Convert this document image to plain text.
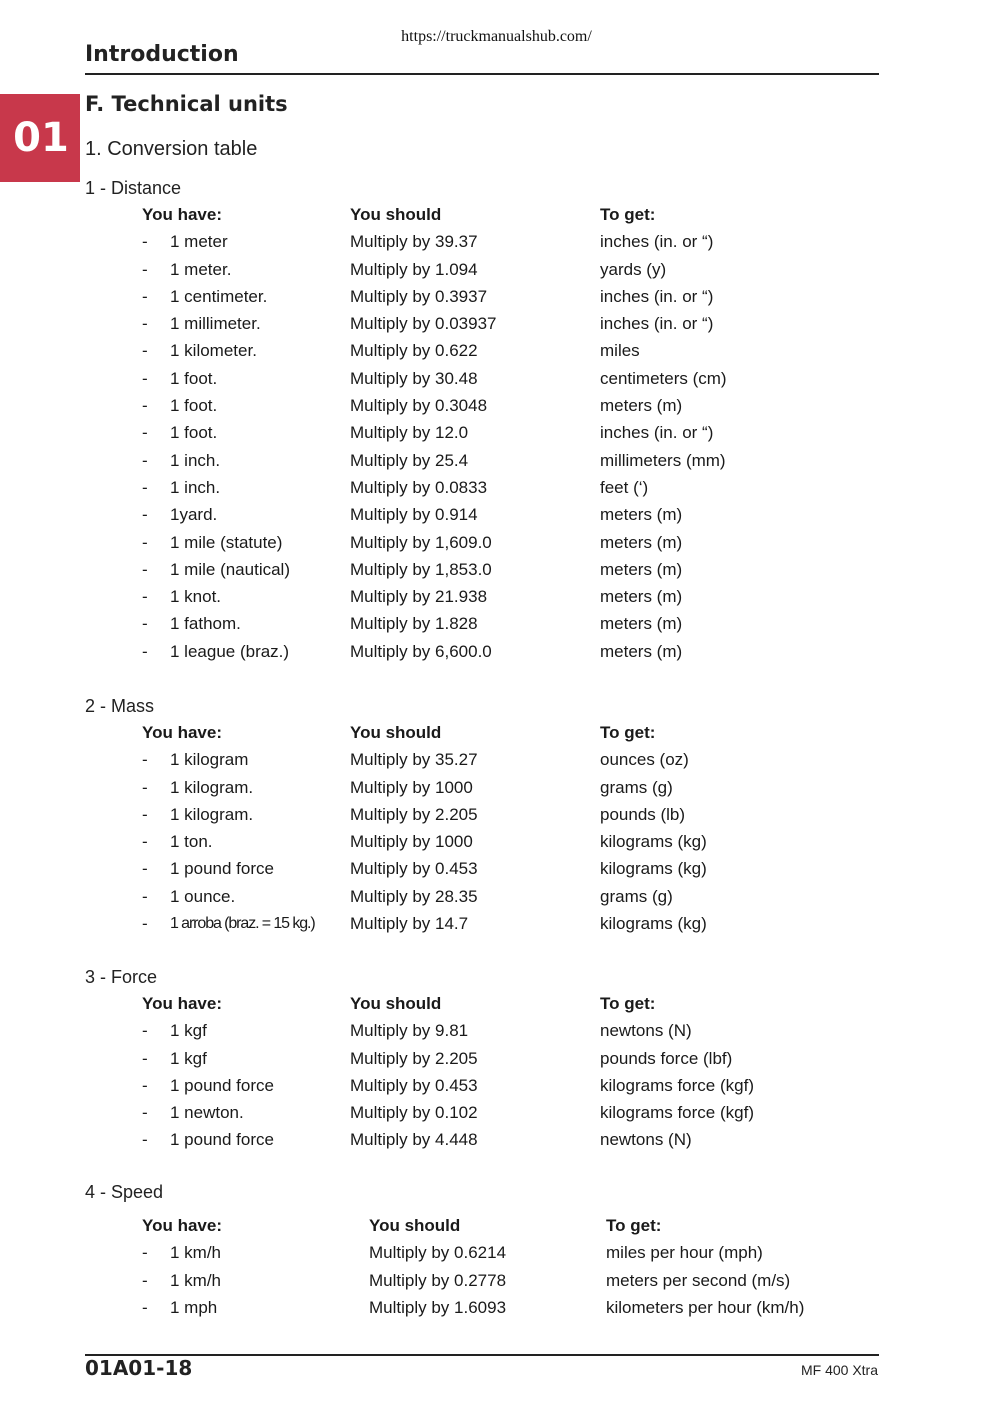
https://truckmanualshub.com/
Introduction
01
F. Technical units
1. Conversion table
1 - Distance
You have:	You should	To get:
-	1 meter	Multiply by 39.37	inches (in. or “)
-	1 meter.	Multiply by 1.094	yards (y)
-	1 centimeter.	Multiply by 0.3937	inches (in. or “)
-	1 millimeter.	Multiply by 0.03937	inches (in. or “)
-	1 kilometer.	Multiply by 0.622	miles
-	1 foot.	Multiply by 30.48	centimeters (cm)
-	1 foot.	Multiply by 0.3048	meters (m)
-	1 foot.	Multiply by 12.0	inches (in. or “)
-	1 inch.	Multiply by 25.4	millimeters (mm)
-	1 inch.	Multiply by 0.0833	feet (‘)
-	1yard.	Multiply by 0.914	meters (m)
-	1 mile (statute)	Multiply by 1,609.0	meters (m)
-	1 mile (nautical)	Multiply by 1,853.0	meters (m)
-	1 knot.	Multiply by 21.938	meters (m)
-	1 fathom.	Multiply by 1.828	meters (m)
-	1 league (braz.)	Multiply by 6,600.0	meters (m)
2 - Mass
You have:	You should	To get:
-	1 kilogram	Multiply by 35.27	ounces (oz)
-	1 kilogram.	Multiply by 1000	grams (g)
-	1 kilogram.	Multiply by 2.205	pounds (lb)
-	1 ton.	Multiply by 1000	kilograms (kg)
-	1 pound force	Multiply by 0.453	kilograms (kg)
-	1 ounce.	Multiply by 28.35	grams (g)
-	1 arroba (braz. = 15 kg.)	Multiply by 14.7	kilograms (kg)
3 - Force
You have:	You should	To get:
-	1 kgf	Multiply by 9.81	newtons (N)
-	1 kgf	Multiply by 2.205	pounds force (lbf)
-	1 pound force	Multiply by 0.453	kilograms force (kgf)
-	1 newton.	Multiply by 0.102	kilograms force (kgf)
-	1 pound force	Multiply by 4.448	newtons (N)
4 - Speed
You have:	You should	To get:
-	1 km/h	Multiply by 0.6214	miles per hour (mph)
-	1 km/h	Multiply by 0.2778	meters per second (m/s)
-	1 mph	Multiply by 1.6093	kilometers per hour (km/h)
01A01-18	MF 400 Xtra
